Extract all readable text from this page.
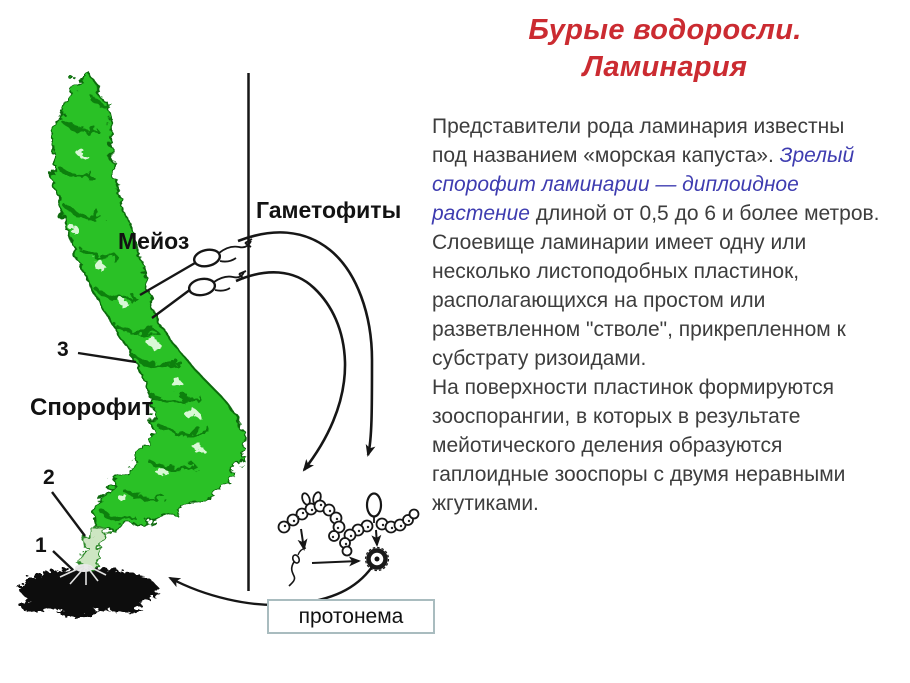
Мейоз
Гаметофиты
Спорофит
3
2
1
протонема
Бурые водоросли.
Ламинария

Представители рода ламинария известны под названием «морская капуста». Зрелый спорофит ламинарии — диплоидное растение длиной от 0,5 до 6 и более метров. Слоевище ламинарии имеет одну или несколько листоподобных пластинок, располагающихся на простом или разветвленном "стволе", прикрепленном к субстрату ризоидами.

На поверхности пластинок формируются зооспорангии, в которых в результате мейотического деления образуются гаплоидные зооспоры с двумя неравными жгутиками.
